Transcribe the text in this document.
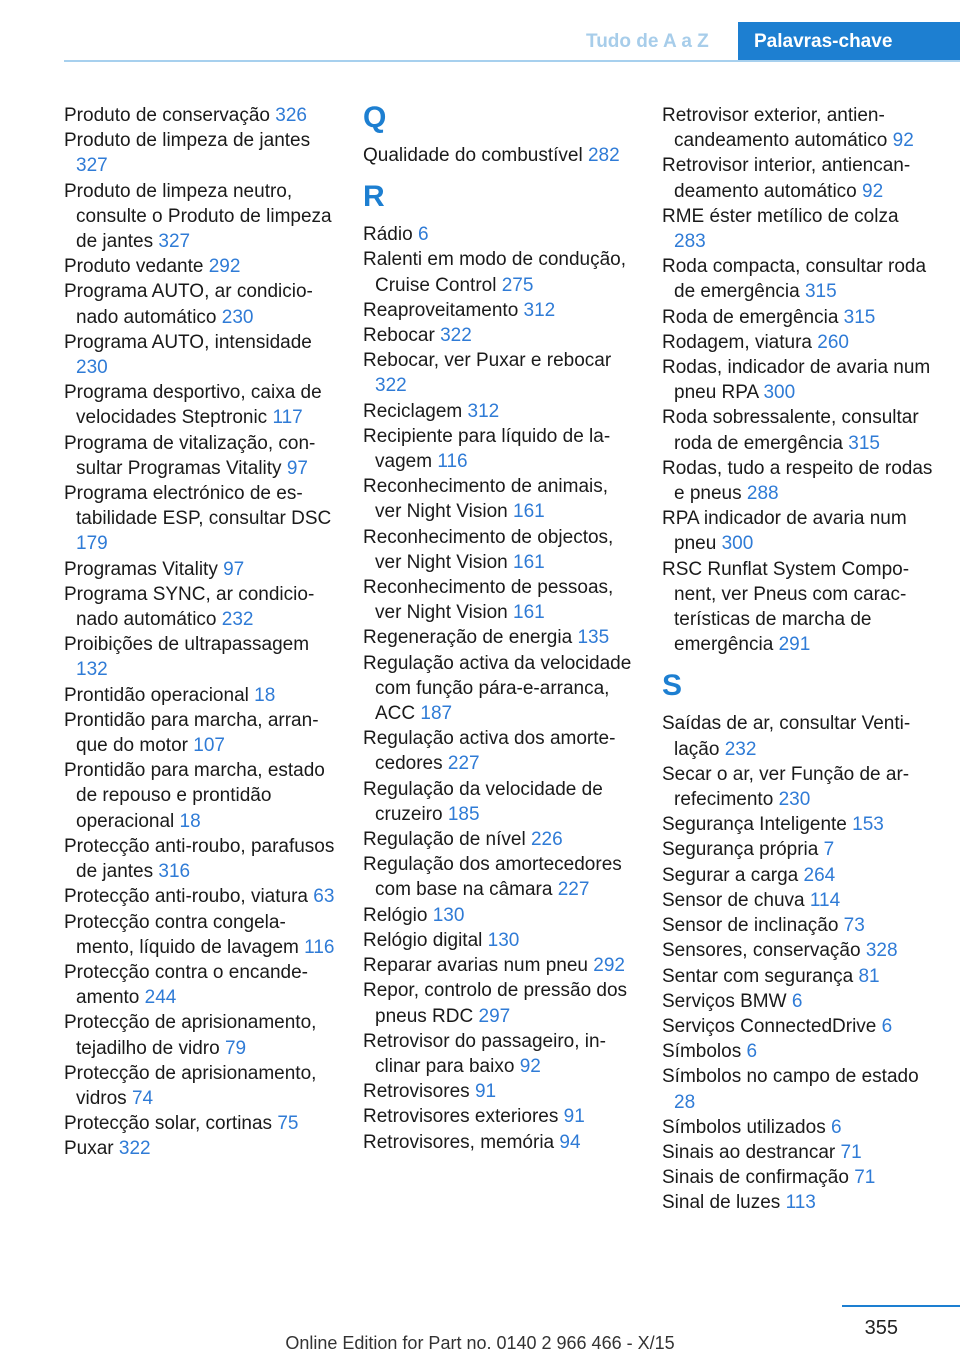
Tudo de A a Z	Palavras-chave
Produto de conservação 326
Produto de limpeza de jantes 327
Produto de limpeza neutro, consulte o Produto de limpeza de jantes 327
Produto vedante 292
Programa AUTO, ar condicionado automático 230
Programa AUTO, intensidade 230
Programa desportivo, caixa de velocidades Steptronic 117
Programa de vitalização, consultar Programas Vitality 97
Programa electrónico de estabilidade ESP, consultar DSC 179
Programas Vitality 97
Programa SYNC, ar condicionado automático 232
Proibições de ultrapassagem 132
Prontidão operacional 18
Prontidão para marcha, arranque do motor 107
Prontidão para marcha, estado de repouso e prontidão operacional 18
Protecção anti-roubo, parafusos de jantes 316
Protecção anti-roubo, viatura 63
Protecção contra congelamento, líquido de lavagem 116
Protecção contra o encandeamento 244
Protecção de aprisionamento, tejadilho de vidro 79
Protecção de aprisionamento, vidros 74
Protecção solar, cortinas 75
Puxar 322
Q
Qualidade do combustível 282
R
Rádio 6
Ralenti em modo de condução, Cruise Control 275
Reaproveitamento 312
Rebocar 322
Rebocar, ver Puxar e rebocar 322
Reciclagem 312
Recipiente para líquido de lavagem 116
Reconhecimento de animais, ver Night Vision 161
Reconhecimento de objectos, ver Night Vision 161
Reconhecimento de pessoas, ver Night Vision 161
Regeneração de energia 135
Regulação activa da velocidade com função pára-e-arranca, ACC 187
Regulação activa dos amortecedores 227
Regulação da velocidade de cruzeiro 185
Regulação de nível 226
Regulação dos amortecedores com base na câmara 227
Relógio 130
Relógio digital 130
Reparar avarias num pneu 292
Repor, controlo de pressão dos pneus RDC 297
Retrovisor do passageiro, inclinar para baixo 92
Retrovisores 91
Retrovisores exteriores 91
Retrovisores, memória 94
Retrovisor exterior, antiencandeamento automático 92
Retrovisor interior, antiencandeamento automático 92
RME éster metílico de colza 283
Roda compacta, consultar roda de emergência 315
Roda de emergência 315
Rodagem, viatura 260
Rodas, indicador de avaria num pneu RPA 300
Roda sobressalente, consultar roda de emergência 315
Rodas, tudo a respeito de rodas e pneus 288
RPA indicador de avaria num pneu 300
RSC Runflat System Component, ver Pneus com características de marcha de emergência 291
S
Saídas de ar, consultar Ventilação 232
Secar o ar, ver Função de arrefecimento 230
Segurança Inteligente 153
Segurança própria 7
Segurar a carga 264
Sensor de chuva 114
Sensor de inclinação 73
Sensores, conservação 328
Sentar com segurança 81
Serviços BMW 6
Serviços ConnectedDrive 6
Símbolos 6
Símbolos no campo de estado 28
Símbolos utilizados 6
Sinais ao destrancar 71
Sinais de confirmação 71
Sinal de luzes 113
355
Online Edition for Part no. 0140 2 966 466 - X/15
